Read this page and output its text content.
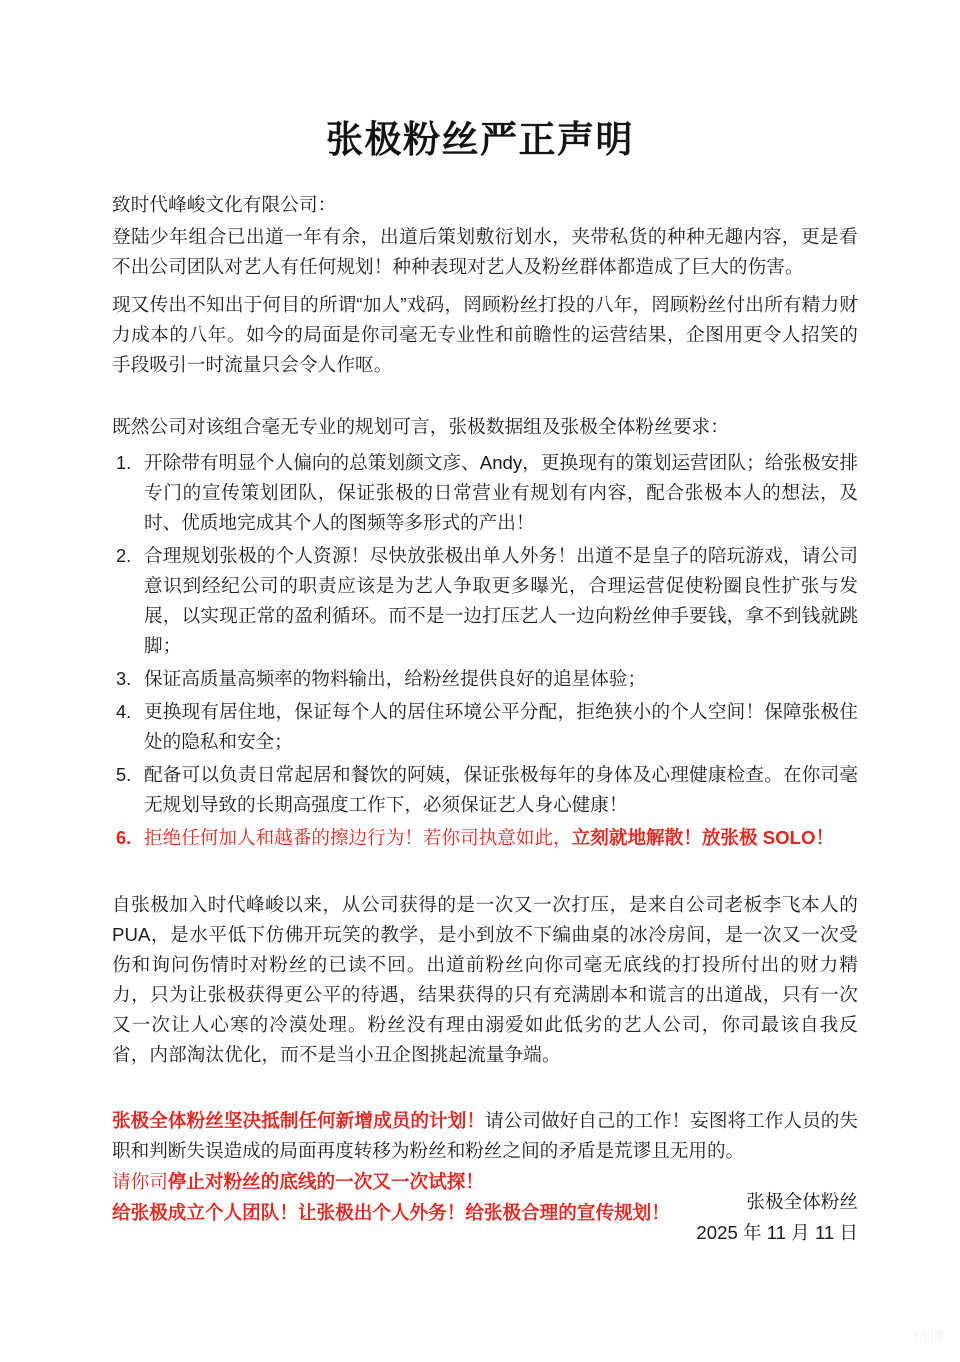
张极粉丝严正声明

致时代峰峻文化有限公司：

登陆少年组合已出道一年有余，出道后策划敷衍划水，夹带私货的种种无趣内容，更是看不出公司团队对艺人有任何规划！种种表现对艺人及粉丝群体都造成了巨大的伤害。

现又传出不知出于何目的所谓“加人”戏码，罔顾粉丝打投的八年，罔顾粉丝付出所有精力财力成本的八年。如今的局面是你司毫无专业性和前瞻性的运营结果，企图用更令人招笑的手段吸引一时流量只会令人作呕。

既然公司对该组合毫无专业的规划可言，张极数据组及张极全体粉丝要求：

1. 开除带有明显个人偏向的总策划颜文彦、Andy，更换现有的策划运营团队；给张极安排专门的宣传策划团队，保证张极的日常营业有规划有内容，配合张极本人的想法，及时、优质地完成其个人的图频等多形式的产出！
2. 合理规划张极的个人资源！尽快放张极出单人外务！出道不是皇子的陪玩游戏，请公司意识到经纪公司的职责应该是为艺人争取更多曝光，合理运营促使粉圈良性扩张与发展，以实现正常的盈利循环。而不是一边打压艺人一边向粉丝伸手要钱，拿不到钱就跳脚；
3. 保证高质量高频率的物料输出，给粉丝提供良好的追星体验；
4. 更换现有居住地，保证每个人的居住环境公平分配，拒绝狭小的个人空间！保障张极住处的隐私和安全；
5. 配备可以负责日常起居和餐饮的阿姨，保证张极每年的身体及心理健康检查。在你司毫无规划导致的长期高强度工作下，必须保证艺人身心健康！
6. 拒绝任何加人和越番的擦边行为！若你司执意如此，立刻就地解散！放张极 SOLO！

自张极加入时代峰峻以来，从公司获得的是一次又一次打压，是来自公司老板李飞本人的PUA，是水平低下仿佛开玩笑的教学，是小到放不下编曲桌的冰冷房间，是一次又一次受伤和询问伤情时对粉丝的已读不回。出道前粉丝向你司毫无底线的打投所付出的财力精力，只为让张极获得更公平的待遇，结果获得的只有充满剧本和谎言的出道战，只有一次又一次让人心寒的冷漠处理。粉丝没有理由溺爱如此低劣的艺人公司，你司最该自我反省，内部淘汰优化，而不是当小丑企图挑起流量争端。

张极全体粉丝坚决抵制任何新增成员的计划！请公司做好自己的工作！妄图将工作人员的失职和判断失误造成的局面再度转移为粉丝和粉丝之间的矛盾是荒谬且无用的。

请你司停止对粉丝的底线的一次又一次试探！

给张极成立个人团队！让张极出个人外务！给张极合理的宣传规划！

张极全体粉丝
2025 年 11 月 11 日
微博
